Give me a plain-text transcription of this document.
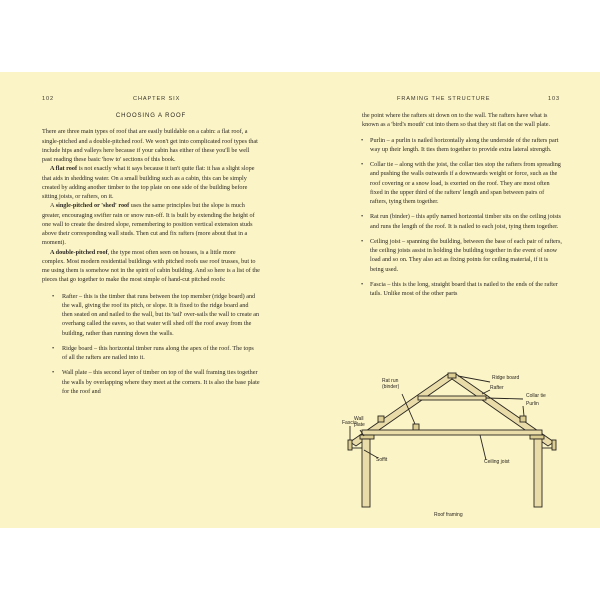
102	CHAPTER SIX
CHOOSING A ROOF

There are three main types of roof that are easily buildable on a cabin: a flat roof, a single-pitched and a double-pitched roof. We won't get into complicated roof types that include hips and valleys here because if your cabin has either of these you'll be well past reading these basic 'how to' sections of this book.

A flat roof is not exactly what it says because it isn't quite flat: it has a slight slope that aids in shedding water. On a small building such as a cabin, this can be simply created by adding another timber to the top plate on one side of the building before sitting joists, or rafters, on it.

A single-pitched or 'shed' roof uses the same principles but the slope is much greater, encouraging swifter rain or snow run-off. It is built by extending the height of one wall to create the desired slope, remembering to position vertical extension studs above their corresponding wall studs. Then cut and fix rafters (more about that in a moment).

A double-pitched roof, the type most often seen on houses, is a little more complex. Most modern residential buildings with pitched roofs use roof trusses, but to me using them is somehow not in the spirit of cabin building. And so here is a list of the pieces that go together to make the most simple of hand-cut pitched roofs:

• Rafter – this is the timber that runs between the top member (ridge board) and the wall, giving the roof its pitch, or slope. It is fixed to the ridge board and then seated on and nailed to the wall, but its 'tail' over-sails the wall to create an overhang called the eaves, so that water will shed off the roof away from the building, rather than running down the walls.
• Ridge board – this horizontal timber runs along the apex of the roof. The tops of all the rafters are nailed into it.
• Wall plate – this second layer of timber on top of the wall framing ties together the walls by overlapping where they meet at the corners. It is also the base plate for the roof and
FRAMING THE STRUCTURE	103

the point where the rafters sit down on to the wall. The rafters have what is known as a 'bird's mouth' cut into them so that they sit flat on the wall plate.

• Purlin – a purlin is nailed horizontally along the underside of the rafters part way up their length. It ties them together to provide extra lateral strength.
• Collar tie – along with the joist, the collar ties stop the rafters from spreading and pushing the walls outwards if a downwards weight or force, such as the roof covering or a snow load, is exerted on the roof. They are most often fixed in the upper third of the rafters' length and span between pairs of rafters, tying them together.
• Rat run (binder) – this aptly named horizontal timber sits on the ceiling joists and runs the length of the roof. It is nailed to each joist, tying them together.
• Ceiling joist – spanning the building, between the base of each pair of rafters, the ceiling joists assist in holding the building together in the event of snow load and so on. They also act as fixing points for ceiling material, if it is being used.
• Fascia – this is the long, straight board that is nailed to the ends of the rafter tails. Unlike most of the other parts
Rat run
(binder)
Ridge board
Rafter
Fascia
Collar tie
Wall
plate
Purlin
Soffit	Ceiling joist
Roof framing
